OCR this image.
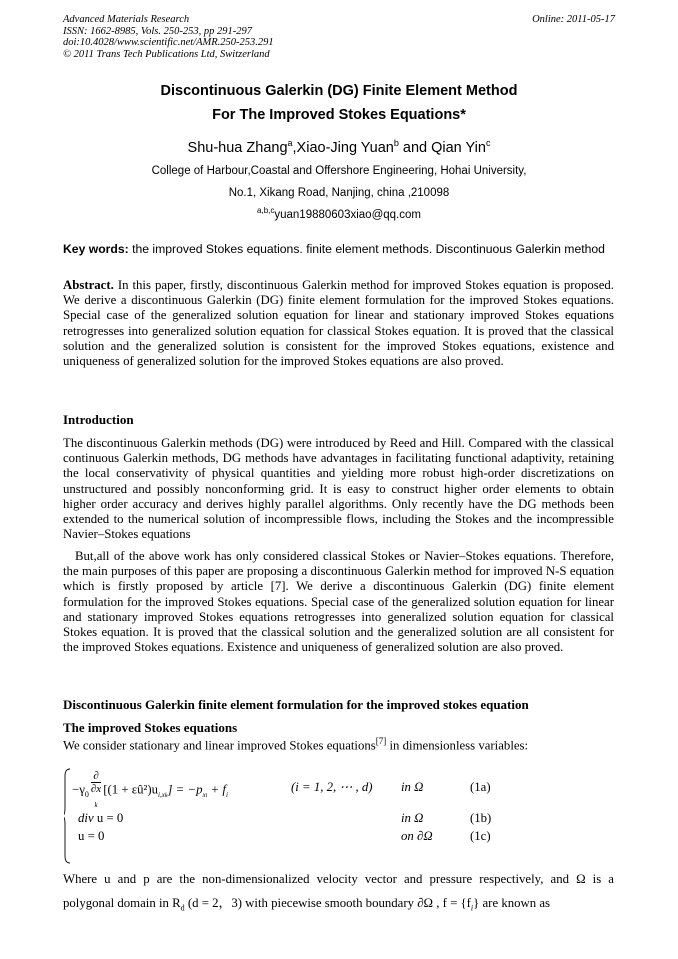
Advanced Materials Research
ISSN: 1662-8985, Vols. 250-253, pp 291-297
doi:10.4028/www.scientific.net/AMR.250-253.291
© 2011 Trans Tech Publications Ltd, Switzerland
Online: 2011-05-17
Discontinuous Galerkin (DG) Finite Element Method
For The Improved Stokes Equations*
Shu-hua Zhang$^a$,Xiao-Jing Yuan$^b$ and Qian Yin$^c$
College of Harbour,Coastal and Offershore Engineering, Hohai University,
No.1, Xikang Road, Nanjing, china ,210098
$^{a,b,c}$yuan19880603xiao@qq.com
Key words: the improved Stokes equations. finite element methods. Discontinuous Galerkin method
Abstract. In this paper, firstly, discontinuous Galerkin method for improved Stokes equation is proposed. We derive a discontinuous Galerkin (DG) finite element formulation for the improved Stokes equations. Special case of the generalized solution equation for linear and stationary improved Stokes equations retrogresses into generalized solution equation for classical Stokes equation. It is proved that the classical solution and the generalized solution is consistent for the improved Stokes equations, existence and uniqueness of generalized solution for the improved Stokes equations are also proved.
Introduction
The discontinuous Galerkin methods (DG) were introduced by Reed and Hill. Compared with the classical continuous Galerkin methods, DG methods have advantages in facilitating functional adaptivity, retaining the local conservativity of physical quantities and yielding more robust high-order discretizations on unstructured and possibly nonconforming grid. It is easy to construct higher order elements to obtain higher order accuracy and derives highly parallel algorithms. Only recently have the DG methods been extended to the numerical solution of incompressible flows, including the Stokes and the incompressible Navier–Stokes equations
But,all of the above work has only considered classical Stokes or Navier–Stokes equations. Therefore, the main purposes of this paper are proposing a discontinuous Galerkin method for improved N-S equation which is firstly proposed by article [7]. We derive a discontinuous Galerkin (DG) finite element formulation for the improved Stokes equations. Special case of the generalized solution equation for linear and stationary improved Stokes equations retrogresses into generalized solution equation for classical Stokes equation. It is proved that the classical solution and the generalized solution are all consistent for the improved Stokes equations. Existence and uniqueness of generalized solution are also proved.
Discontinuous Galerkin finite element formulation for the improved stokes equation
The improved Stokes equations
We consider stationary and linear improved Stokes equations[7] in dimensionless variables:
$-\gamma_0$ ∂
∂x
$_k$ $[(1 + \varepsilon û^2)u_{i,xk}] = -p_{xi} + f_i$
(i = 1, 2, ⋯ , d) in Ω	(1a)
div u = 0	in Ω	(1b)
u = 0	on ∂Ω	(1c)
Where u and p are the non-dimensionalized velocity vector and pressure respectively, and Ω is a
polygonal domain in $R_d$ (d = 2，3) with piecewise smooth boundary ∂Ω , $f = \{f_i\}$ are known as
